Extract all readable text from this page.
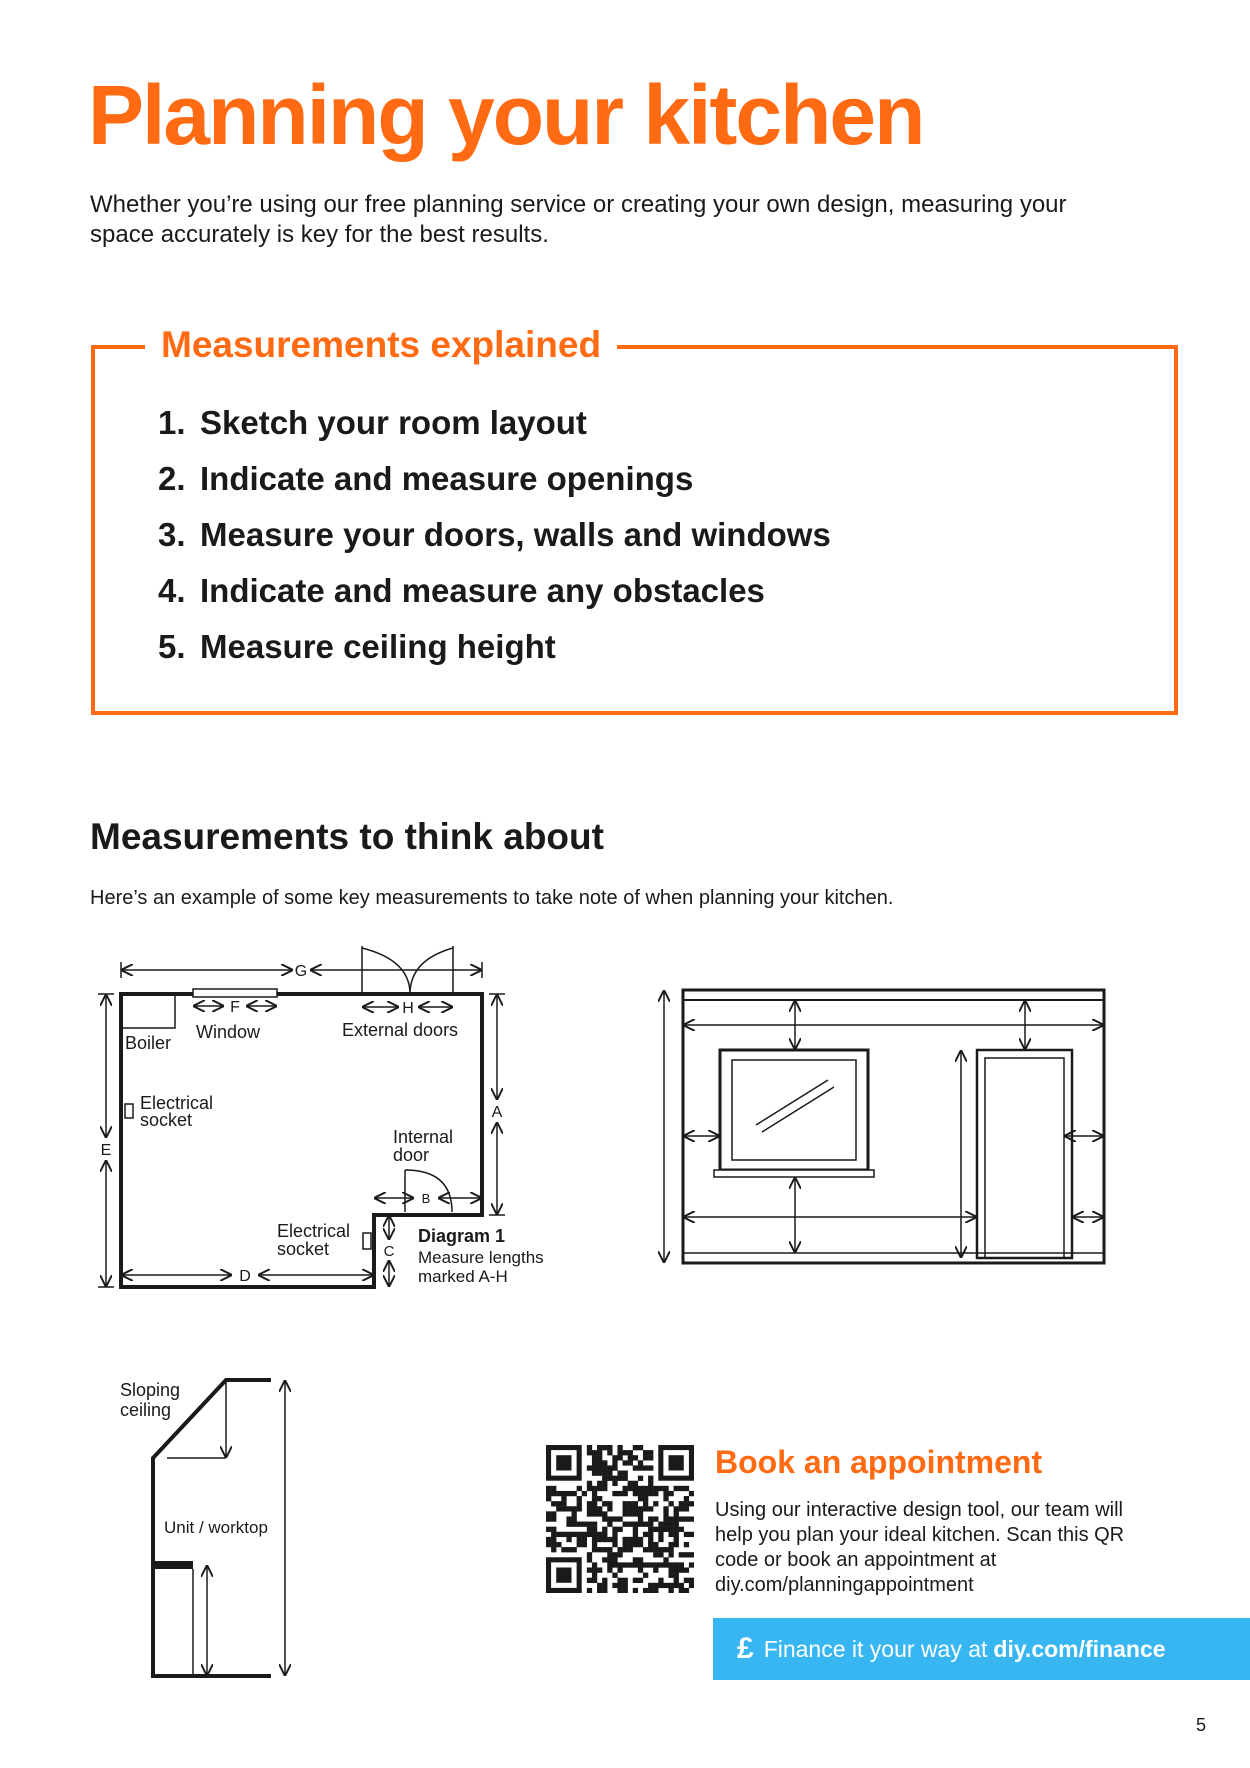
Planning your kitchen

Whether you’re using our free planning service or creating your own design, measuring your space accurately is key for the best results.

Measurements explained
1. Sketch your room layout
2. Indicate and measure openings
3. Measure your doors, walls and windows
4. Indicate and measure any obstacles
5. Measure ceiling height
Measurements to think about

Here’s an example of some key measurements to take note of when planning your kitchen.

G
F	H
A
B
C
D
E
Window
Boiler
External doors
Electrical
socket
Internal
door
Electrical
socket
Diagram 1
Measure lengths
marked A-H
Sloping
ceiling
Unit / worktop
Book an appointment

Using our interactive design tool, our team will help you plan your ideal kitchen. Scan this QR code or book an appointment at diy.com/planningappointment

£ Finance it your way at diy.com/finance

5
